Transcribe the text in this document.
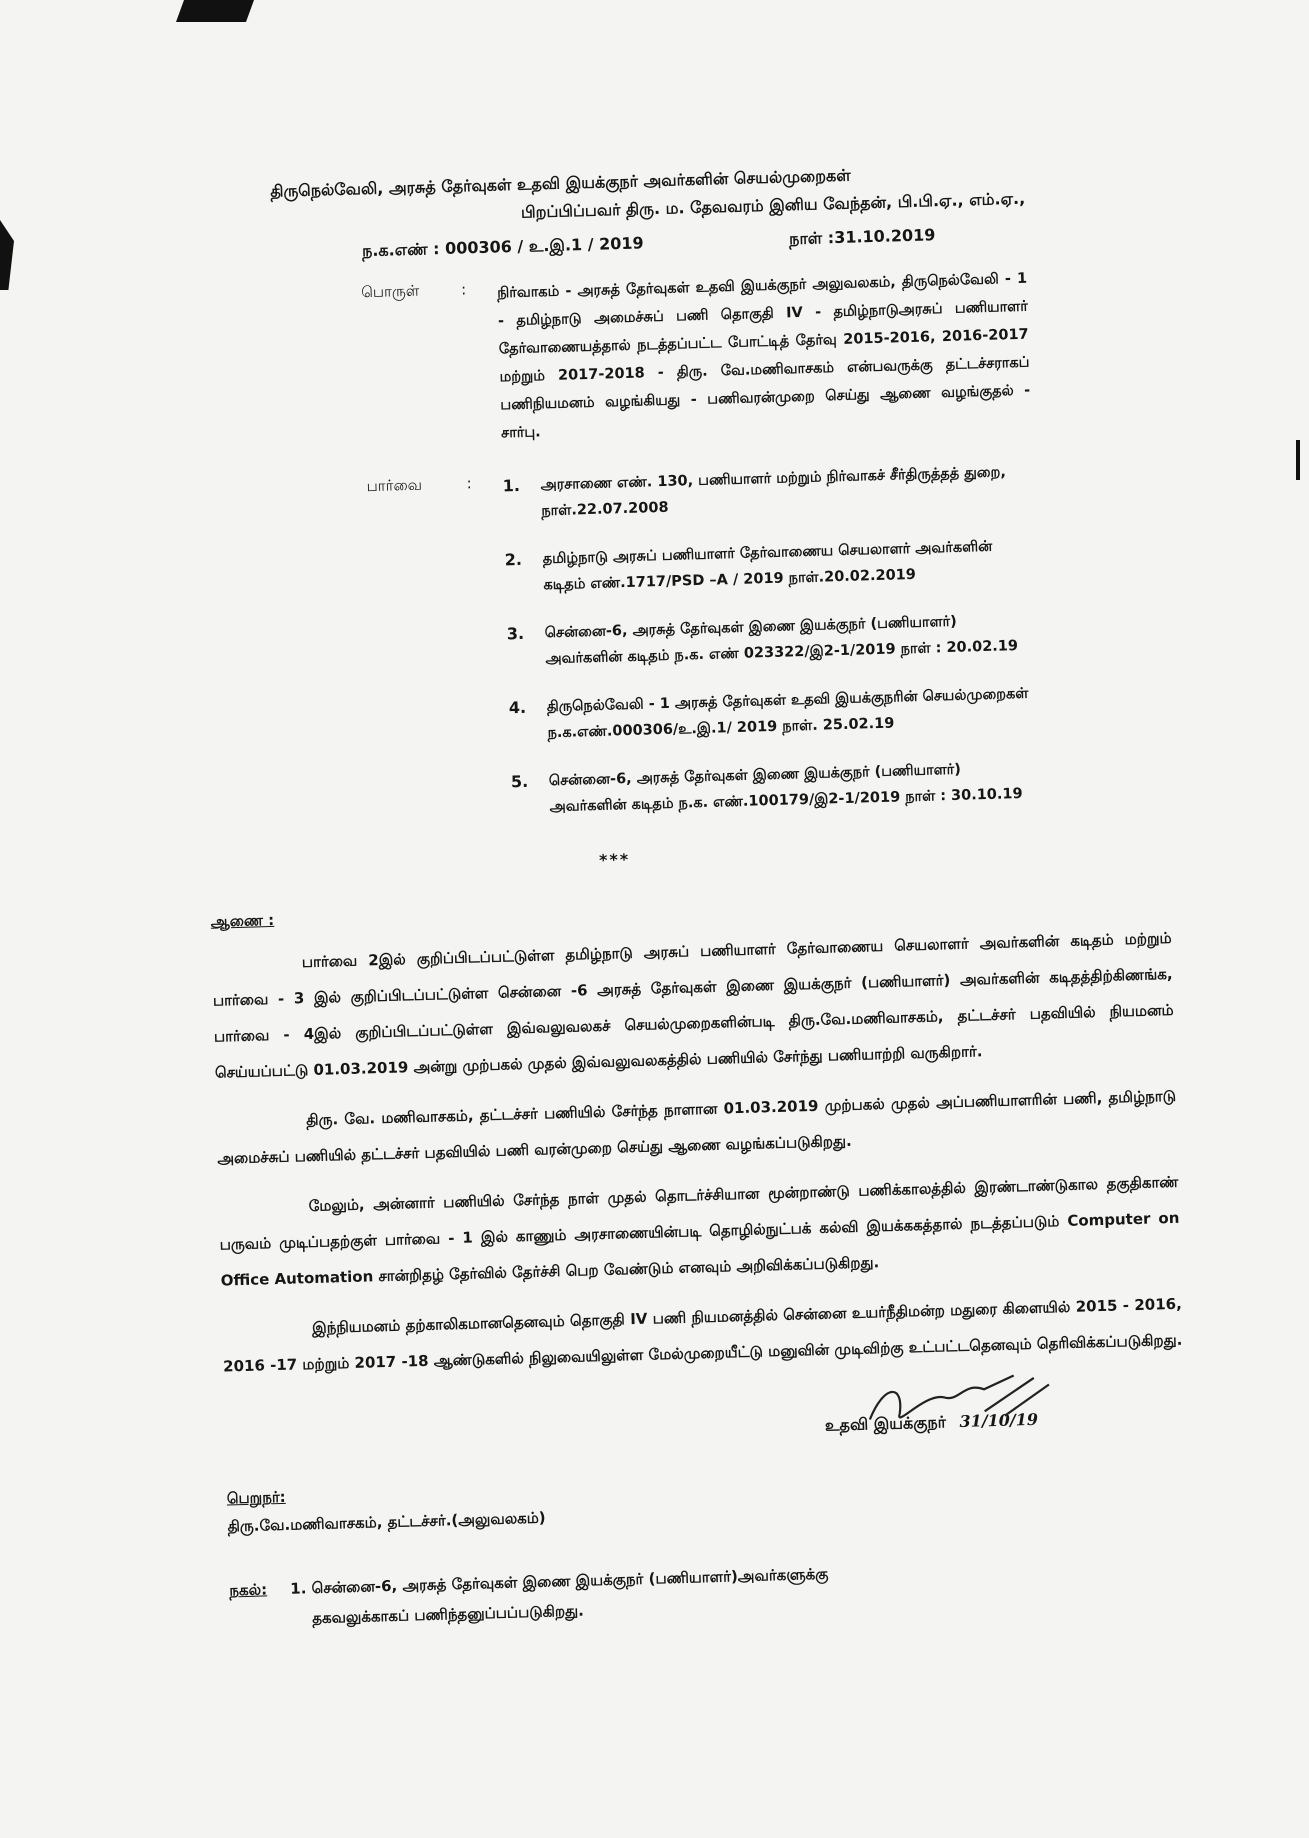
திருநெல்வேலி, அரசுத் தேர்வுகள் உதவி இயக்குநர் அவர்களின் செயல்முறைகள்
பிறப்பிப்பவர் திரு. ம. தேவவரம் இனிய வேந்தன், பி.பி.ஏ., எம்.ஏ.,
ந.க.எண் : 000306 / உ.இ.1 / 2019	நாள் :31.10.2019
பொருள்	:	நிர்வாகம் - அரசுத் தேர்வுகள் உதவி இயக்குநர் அலுவலகம், திருநெல்வேலி - 1 - தமிழ்நாடு அமைச்சுப் பணி தொகுதி IV - தமிழ்நாடுஅரசுப் பணியாளர் தேர்வாணையத்தால் நடத்தப்பட்ட போட்டித் தேர்வு 2015-2016, 2016-2017 மற்றும் 2017-2018 - திரு. வே.மணிவாசகம் என்பவருக்கு தட்டச்சராகப் பணிநியமனம் வழங்கியது - பணிவரன்முறை செய்து ஆணை வழங்குதல் - சார்பு.
பார்வை	:	1.	அரசாணை எண். 130, பணியாளர் மற்றும் நிர்வாகச் சீர்திருத்தத் துறை, நாள்.22.07.2008
2.	தமிழ்நாடு அரசுப் பணியாளர் தேர்வாணைய செயலாளர் அவர்களின் கடிதம் எண்.1717/PSD –A / 2019 நாள்.20.02.2019
3.	சென்னை-6, அரசுத் தேர்வுகள் இணை இயக்குநர் (பணியாளர்) அவர்களின் கடிதம் ந.க. எண் 023322/இ2-1/2019 நாள் : 20.02.19
4.	திருநெல்வேலி - 1 அரசுத் தேர்வுகள் உதவி இயக்குநரின் செயல்முறைகள் ந.க.எண்.000306/உ.இ.1/ 2019 நாள். 25.02.19
5.	சென்னை-6, அரசுத் தேர்வுகள் இணை இயக்குநர் (பணியாளர்) அவர்களின் கடிதம் ந.க. எண்.100179/இ2-1/2019 நாள் : 30.10.19
***
ஆணை :
பார்வை 2இல் குறிப்பிடப்பட்டுள்ள தமிழ்நாடு அரசுப் பணியாளர் தேர்வாணைய செயலாளர் அவர்களின் கடிதம் மற்றும் பார்வை - 3 இல் குறிப்பிடப்பட்டுள்ள சென்னை -6 அரசுத் தேர்வுகள் இணை இயக்குநர் (பணியாளர்) அவர்களின் கடிதத்திற்கிணங்க, பார்வை - 4இல் குறிப்பிடப்பட்டுள்ள இவ்வலுவலகச் செயல்முறைகளின்படி திரு.வே.மணிவாசகம், தட்டச்சர் பதவியில் நியமனம் செய்யப்பட்டு 01.03.2019 அன்று முற்பகல் முதல் இவ்வலுவலகத்தில் பணியில் சேர்ந்து பணியாற்றி வருகிறார்.
திரு. வே. மணிவாசகம், தட்டச்சர் பணியில் சேர்ந்த நாளான 01.03.2019 முற்பகல் முதல் அப்பணியாளரின் பணி, தமிழ்நாடு அமைச்சுப் பணியில் தட்டச்சர் பதவியில் பணி வரன்முறை செய்து ஆணை வழங்கப்படுகிறது.
மேலும், அன்னார் பணியில் சேர்ந்த நாள் முதல் தொடர்ச்சியான மூன்றாண்டு பணிக்காலத்தில் இரண்டாண்டுகால தகுதிகாண் பருவம் முடிப்பதற்குள் பார்வை - 1 இல் காணும் அரசாணையின்படி தொழில்நுட்பக் கல்வி இயக்ககத்தால் நடத்தப்படும் Computer on Office Automation சான்றிதழ் தேர்வில் தேர்ச்சி பெற வேண்டும் எனவும் அறிவிக்கப்படுகிறது.
இந்நியமனம் தற்காலிகமானதெனவும் தொகுதி IV பணி நியமனத்தில் சென்னை உயர்நீதிமன்ற மதுரை கிளையில் 2015 - 2016, 2016 -17 மற்றும் 2017 -18 ஆண்டுகளில் நிலுவையிலுள்ள மேல்முறையீட்டு மனுவின் முடிவிற்கு உட்பட்டதெனவும் தெரிவிக்கப்படுகிறது.
உதவி இயக்குநர் 31/10/19
பெறுநர்:
திரு.வே.மணிவாசகம், தட்டச்சர்.(அலுவலகம்)
நகல்: 1. சென்னை-6, அரசுத் தேர்வுகள் இணை இயக்குநர் (பணியாளர்)அவர்களுக்கு
தகவலுக்காகப் பணிந்தனுப்பப்படுகிறது.
